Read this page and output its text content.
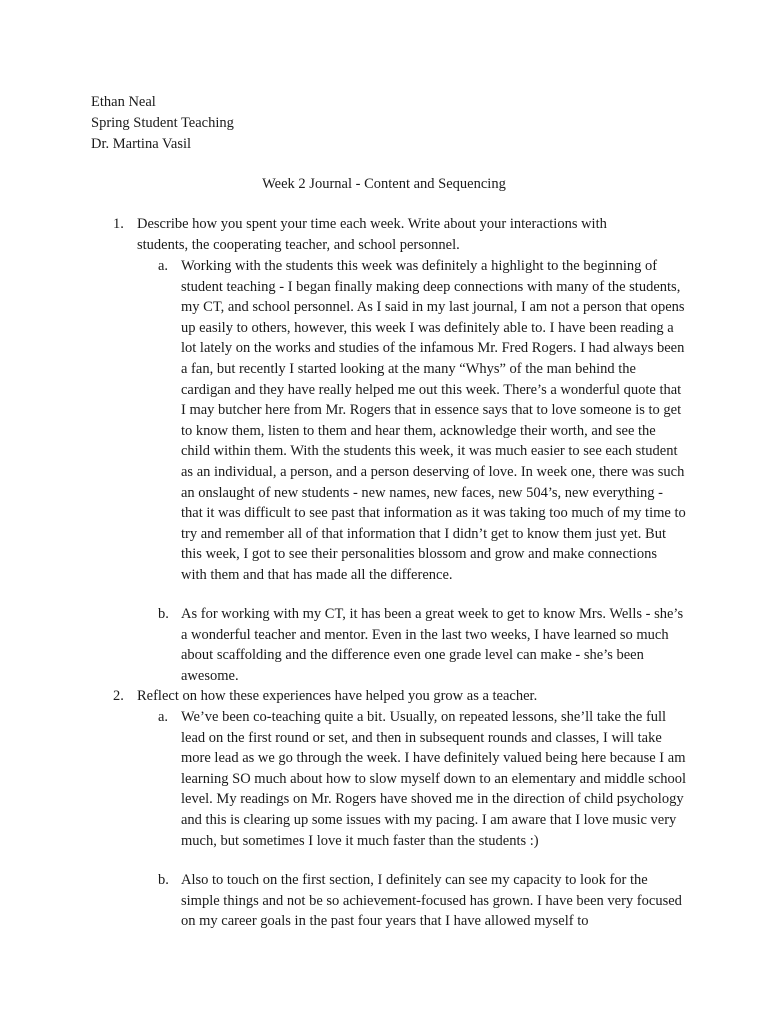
Ethan Neal
Spring Student Teaching
Dr. Martina Vasil
Week 2 Journal - Content and Sequencing
1. Describe how you spent your time each week. Write about your interactions with students, the cooperating teacher, and school personnel.
a. Working with the students this week was definitely a highlight to the beginning of student teaching - I began finally making deep connections with many of the students, my CT, and school personnel. As I said in my last journal, I am not a person that opens up easily to others, however, this week I was definitely able to. I have been reading a lot lately on the works and studies of the infamous Mr. Fred Rogers. I had always been a fan, but recently I started looking at the many “Whys” of the man behind the cardigan and they have really helped me out this week. There’s a wonderful quote that I may butcher here from Mr. Rogers that in essence says that to love someone is to get to know them, listen to them and hear them, acknowledge their worth, and see the child within them. With the students this week, it was much easier to see each student as an individual, a person, and a person deserving of love. In week one, there was such an onslaught of new students - new names, new faces, new 504’s, new everything - that it was difficult to see past that information as it was taking too much of my time to try and remember all of that information that I didn’t get to know them just yet. But this week, I got to see their personalities blossom and grow and make connections with them and that has made all the difference.
b. As for working with my CT, it has been a great week to get to know Mrs. Wells - she’s a wonderful teacher and mentor. Even in the last two weeks, I have learned so much about scaffolding and the difference even one grade level can make - she’s been awesome.
2. Reflect on how these experiences have helped you grow as a teacher.
a. We’ve been co-teaching quite a bit. Usually, on repeated lessons, she’ll take the full lead on the first round or set, and then in subsequent rounds and classes, I will take more lead as we go through the week. I have definitely valued being here because I am learning SO much about how to slow myself down to an elementary and middle school level. My readings on Mr. Rogers have shoved me in the direction of child psychology and this is clearing up some issues with my pacing. I am aware that I love music very much, but sometimes I love it much faster than the students :)
b. Also to touch on the first section, I definitely can see my capacity to look for the simple things and not be so achievement-focused has grown. I have been very focused on my career goals in the past four years that I have allowed myself to
